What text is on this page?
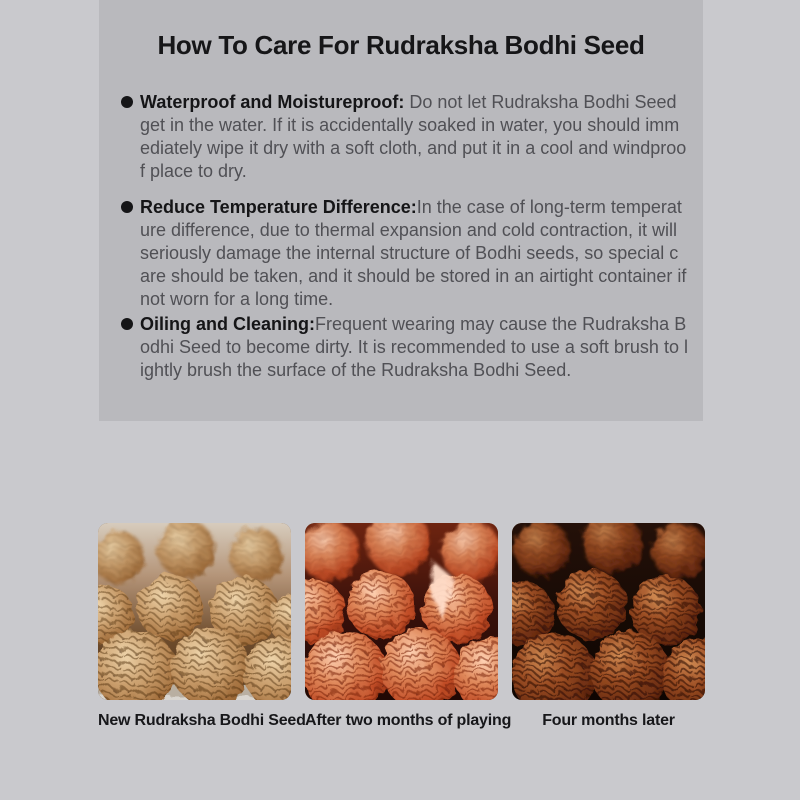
How To Care For Rudraksha Bodhi Seed

Waterproof and Moistureproof: Do not let Rudraksha Bodhi Seed get in the water. If it is accidentally soaked in water, you should immediately wipe it dry with a soft cloth, and put it in a cool and windproof place to dry.

Reduce Temperature Difference:In the case of long-term temperature difference, due to thermal expansion and cold contraction, it will seriously damage the internal structure of Bodhi seeds, so special care should be taken, and it should be stored in an airtight container if not worn for a long time.

Oiling and Cleaning:Frequent wearing may cause the Rudraksha Bodhi Seed to become dirty. It is recommended to use a soft brush to lightly brush the surface of the Rudraksha Bodhi Seed.

New Rudraksha Bodhi Seed After two months of playing	Four months later
